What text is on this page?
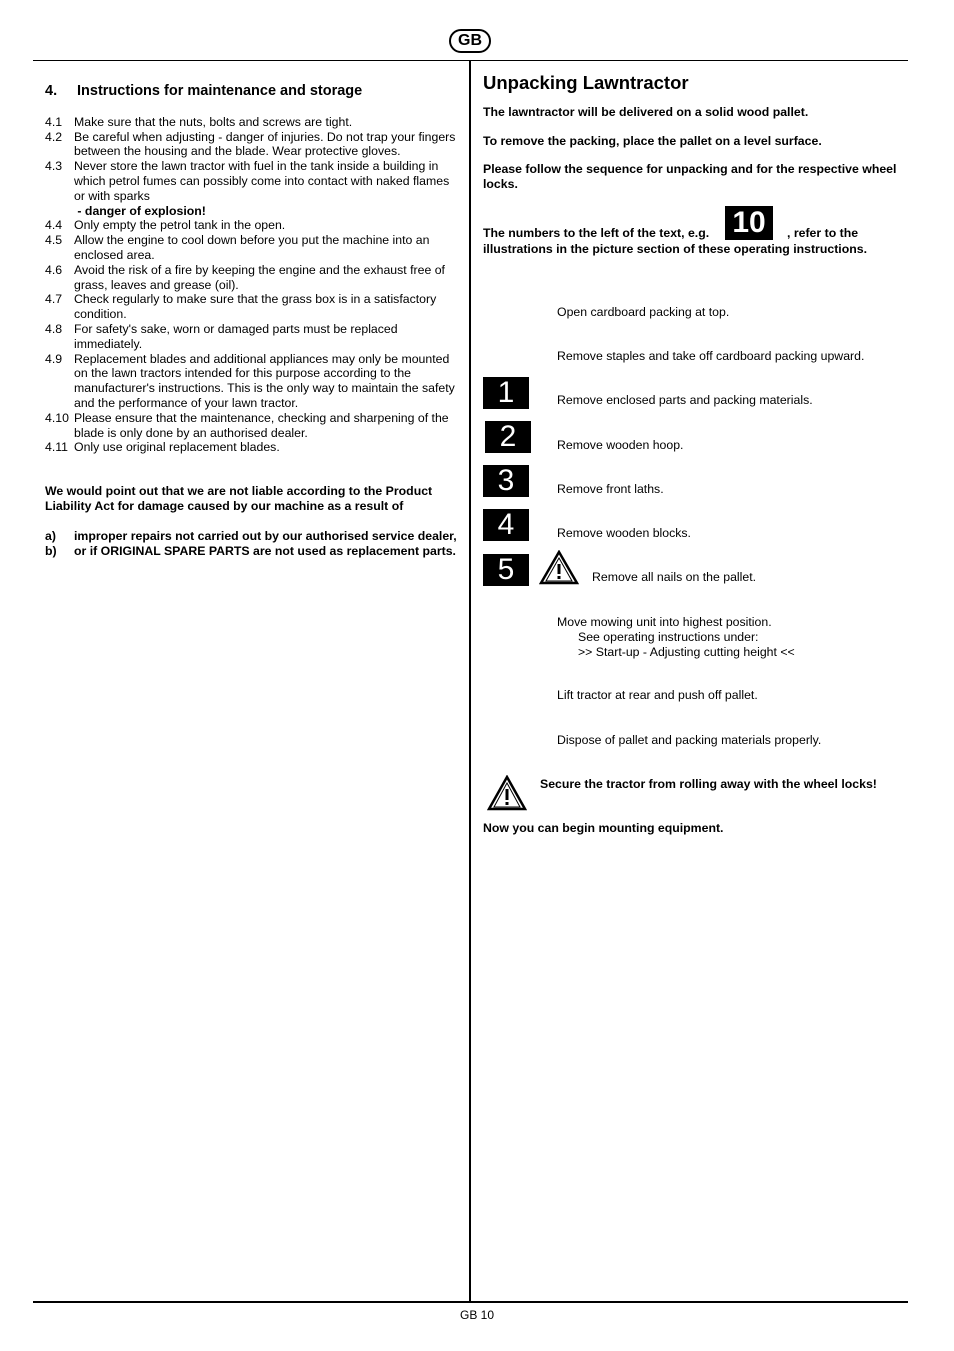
GB
GB 10
4. Instructions for maintenance and storage
4.1 Make sure that the nuts, bolts and screws are tight.
4.2 Be careful when adjusting - danger of injuries. Do not trap your fingers between the housing and the blade. Wear protective gloves.
4.3 Never store the lawn tractor with fuel in the tank inside a building in which petrol fumes can possibly come into contact with naked flames or with sparks
- danger of explosion!
4.4 Only empty the petrol tank in the open.
4.5 Allow the engine to cool down before you put the machine into an enclosed area.
4.6 Avoid the risk of a fire by keeping the engine and the exhaust free of grass, leaves and grease (oil).
4.7 Check regularly to make sure that the grass box is in a satisfactory condition.
4.8 For safety's sake, worn or damaged parts must be replaced immediately.
4.9 Replacement blades and additional appliances may only be mounted on the lawn tractors intended for this purpose according to the manufacturer's instructions. This is the only way to maintain the safety and the performance of your lawn tractor.
4.10 Please ensure that the maintenance, checking and sharpening of the blade is only done by an authorised dealer.
4.11 Only use original replacement blades.
We would point out that we are not liable according to the Product Liability Act for damage caused by our machine as a result of
a)	improper repairs not carried out by our authorised service dealer,
b)	or if ORIGINAL SPARE PARTS are not used as replacement parts.
Unpacking Lawntractor
The lawntractor will be delivered on a solid wood pallet.
To remove the packing, place the pallet on a level surface.
Please follow the sequence for unpacking and for the respective wheel locks.
The numbers to the left of the text, e.g. 10	, refer to the
illustrations in the picture section of these operating instructions.
Open cardboard packing at top.
Remove staples and take off cardboard packing upward.
1	Remove enclosed parts and packing materials.
2	Remove wooden hoop.
3	Remove front laths.
4	Remove wooden blocks.
5	Remove all nails on the pallet.
Move mowing unit into highest position.
See operating instructions under:
>> Start-up - Adjusting cutting height <<
Lift tractor at rear and push off pallet.
Dispose of pallet and packing materials properly.
Secure the tractor from rolling away with the wheel locks!
Now you can begin mounting equipment.
